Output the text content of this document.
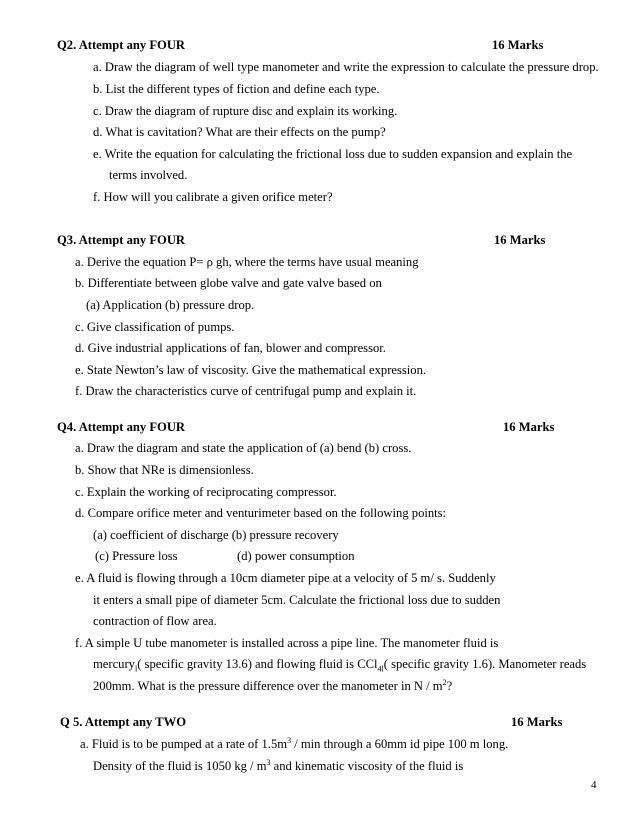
Q2. Attempt any FOUR	16 Marks
a. Draw the diagram of well type manometer and write the expression to calculate the pressure drop.
b. List the different types of fiction and define each type.
c. Draw the diagram of rupture disc and explain its working.
d. What is cavitation? What are their effects on the pump?
e. Write the equation for calculating the frictional loss due to sudden expansion and explain the
terms involved.
f. How will you calibrate a given orifice meter?
Q3. Attempt any FOUR	16 Marks
a. Derive the equation P= ρ gh, where the terms have usual meaning
b. Differentiate between globe valve and gate valve based on
(a) Application (b) pressure drop.
c. Give classification of pumps.
d. Give industrial applications of fan, blower and compressor.
e. State Newton’s law of viscosity. Give the mathematical expression.
f. Draw the characteristics curve of centrifugal pump and explain it.
Q4. Attempt any FOUR	16 Marks
a. Draw the diagram and state the application of (a) bend (b) cross.
b. Show that NRe is dimensionless.
c. Explain the working of reciprocating compressor.
d. Compare orifice meter and venturimeter based on the following points:
(a) coefficient of discharge (b) pressure recovery
(c) Pressure loss	(d) power consumption
e. A fluid is flowing through a 10cm diameter pipe at a velocity of 5 m/ s. Suddenly
it enters a small pipe of diameter 5cm. Calculate the frictional loss due to sudden
contraction of flow area.
f. A simple U tube manometer is installed across a pipe line. The manometer fluid is
mercury$_l$( specific gravity 13.6) and flowing fluid is CCl$_{4l}$( specific gravity 1.6). Manometer reads
200mm. What is the pressure difference over the manometer in N / $m^2$?
Q 5. Attempt any TWO	16 Marks
a. Fluid is to be pumped at a rate of $1.5m^3$ / min through a 60mm id pipe 100 m long.
Density of the fluid is 1050 kg / $m^3$ and kinematic viscosity of the fluid is
4
